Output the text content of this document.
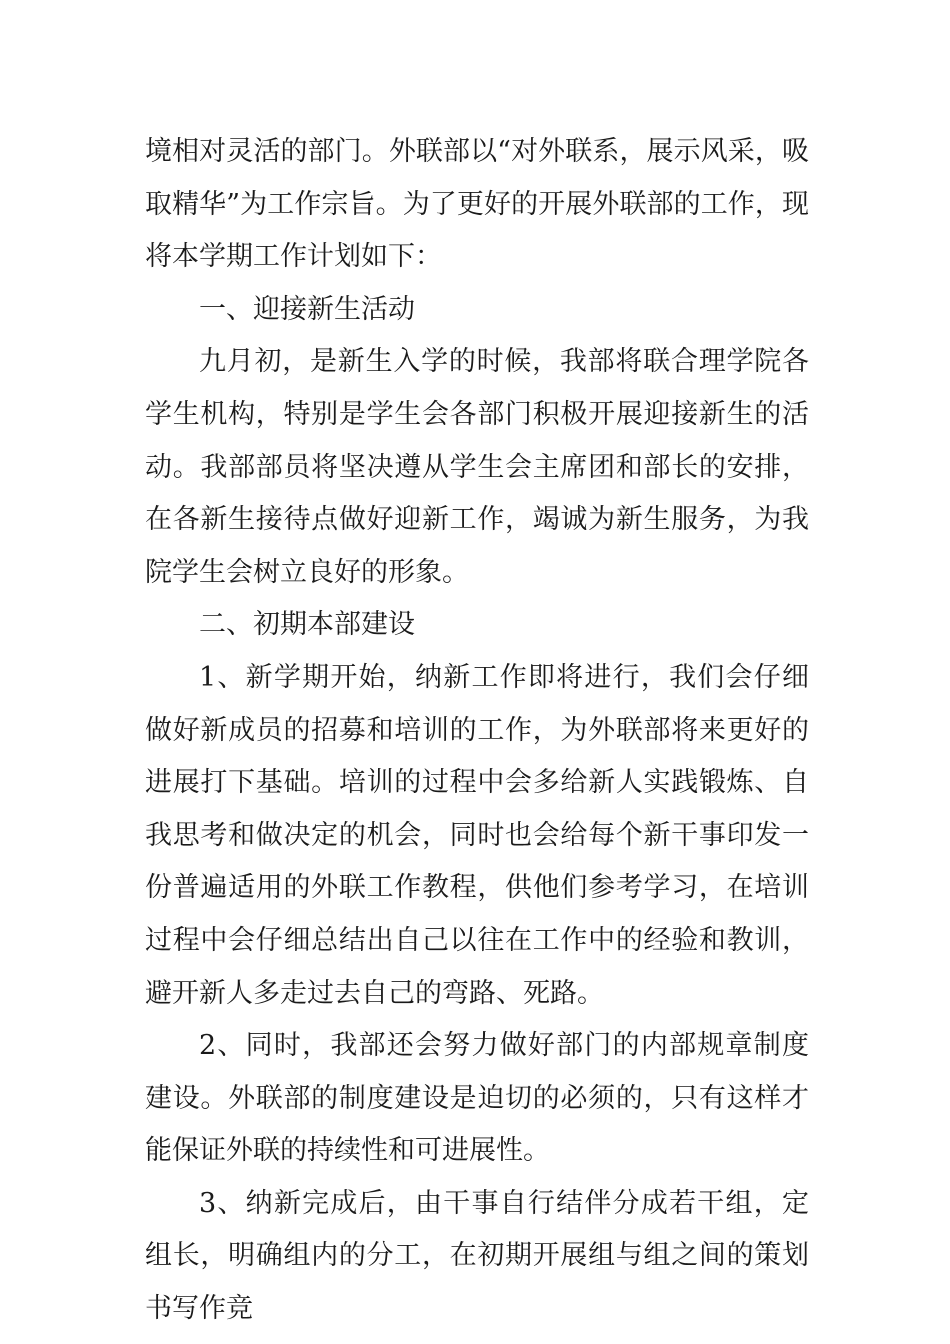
境相对灵活的部门。外联部以“对外联系，展示风采，吸取精华”为工作宗旨。为了更好的开展外联部的工作，现将本学期工作计划如下：

一、迎接新生活动

九月初，是新生入学的时候，我部将联合理学院各学生机构，特别是学生会各部门积极开展迎接新生的活动。我部部员将坚决遵从学生会主席团和部长的安排，在各新生接待点做好迎新工作，竭诚为新生服务，为我院学生会树立良好的形象。

二、初期本部建设

1、新学期开始，纳新工作即将进行，我们会仔细做好新成员的招募和培训的工作，为外联部将来更好的进展打下基础。培训的过程中会多给新人实践锻炼、自我思考和做决定的机会，同时也会给每个新干事印发一份普遍适用的外联工作教程，供他们参考学习，在培训过程中会仔细总结出自己以往在工作中的经验和教训，避开新人多走过去自己的弯路、死路。

2、同时，我部还会努力做好部门的内部规章制度建设。外联部的制度建设是迫切的必须的，只有这样才能保证外联的持续性和可进展性。

3、纳新完成后，由干事自行结伴分成若干组，定组长，明确组内的分工，在初期开展组与组之间的策划书写作竞
